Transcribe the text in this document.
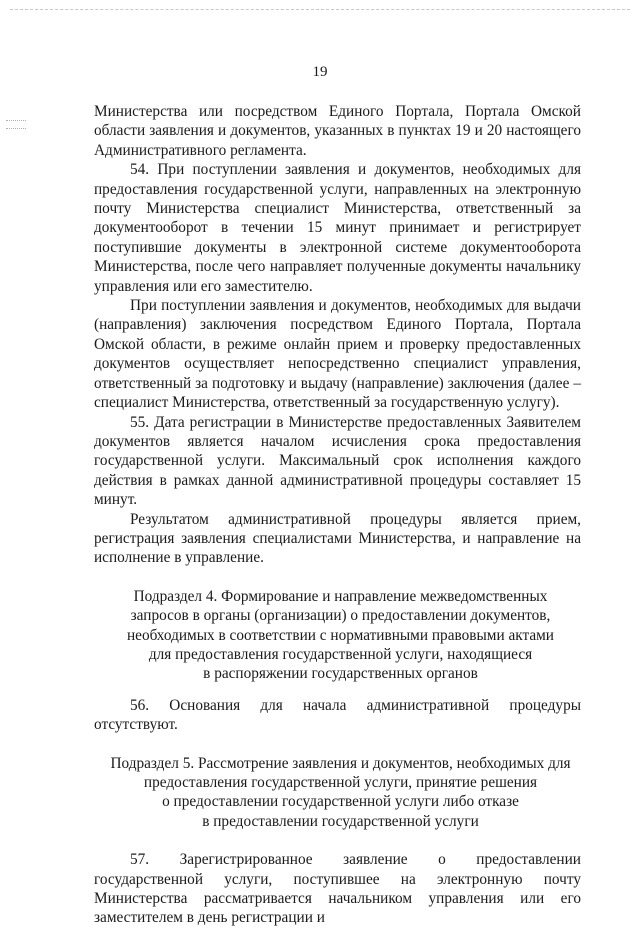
19

Министерства или посредством Единого Портала, Портала Омской области заявления и документов, указанных в пунктах 19 и 20 настоящего Административного регламента.

54. При поступлении заявления и документов, необходимых для предоставления государственной услуги, направленных на электронную почту Министерства специалист Министерства, ответственный за документооборот в течении 15 минут принимает и регистрирует поступившие документы в электронной системе документооборота Министерства, после чего направляет полученные документы начальнику управления или его заместителю.

При поступлении заявления и документов, необходимых для выдачи (направления) заключения посредством Единого Портала, Портала Омской области, в режиме онлайн прием и проверку предоставленных документов осуществляет непосредственно специалист управления, ответственный за подготовку и выдачу (направление) заключения (далее – специалист Министерства, ответственный за государственную услугу).

55. Дата регистрации в Министерстве предоставленных Заявителем документов является началом исчисления срока предоставления государственной услуги. Максимальный срок исполнения каждого действия в рамках данной административной процедуры составляет 15 минут.

Результатом административной процедуры является прием, регистрация заявления специалистами Министерства, и направление на исполнение в управление.

Подраздел 4. Формирование и направление межведомственных

запросов в органы (организации) о предоставлении документов,

необходимых в соответствии с нормативными правовыми актами

для предоставления государственной услуги, находящиеся

в распоряжении государственных органов

56. Основания для начала административной процедуры отсутствуют.

Подраздел 5. Рассмотрение заявления и документов, необходимых для

предоставления государственной услуги, принятие решения

о предоставлении государственной услуги либо отказе

в предоставлении государственной услуги

57. Зарегистрированное заявление о предоставлении государственной услуги, поступившее на электронную почту Министерства рассматривается начальником управления или его заместителем в день регистрации и
